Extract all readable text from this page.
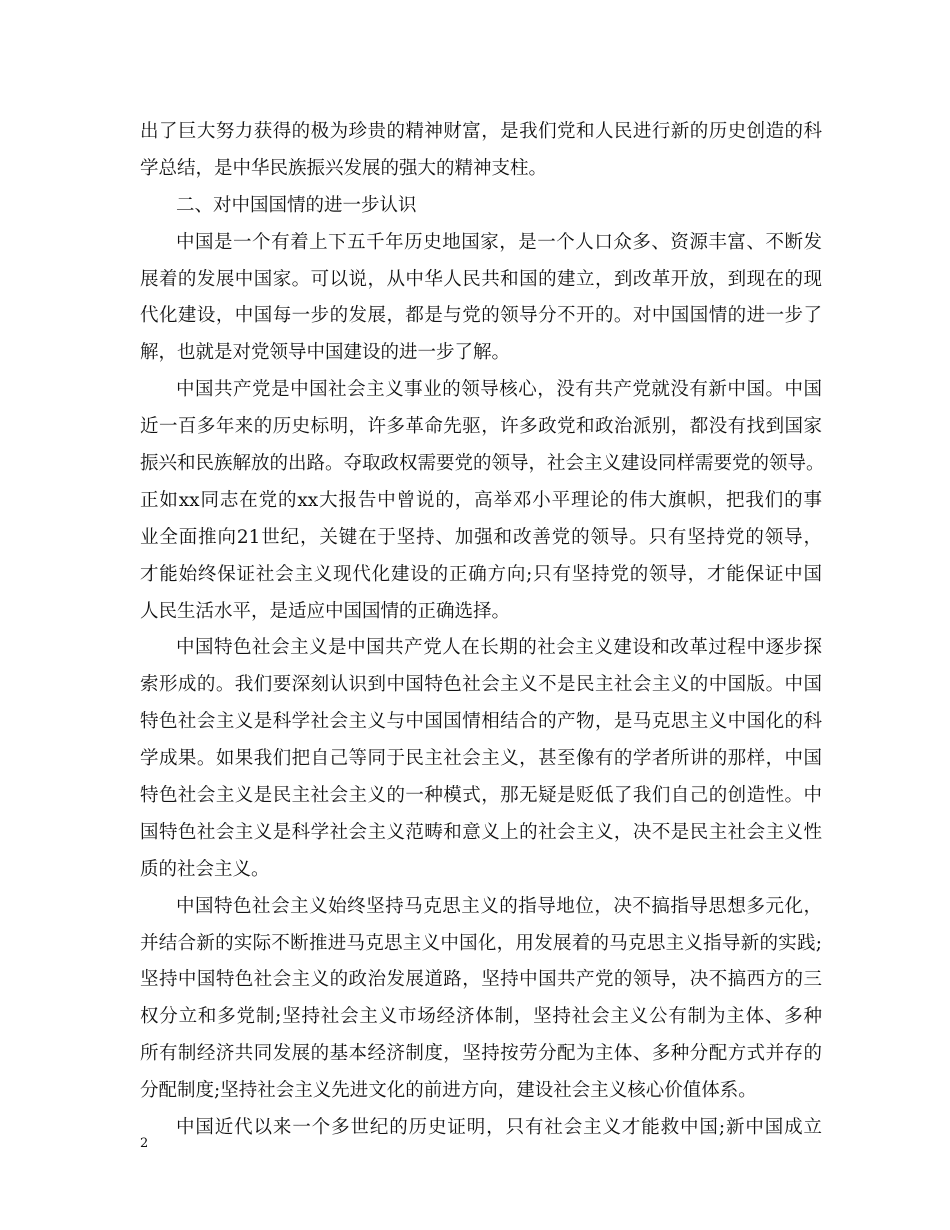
出了巨大努力获得的极为珍贵的精神财富，是我们党和人民进行新的历史创造的科
学总结，是中华民族振兴发展的强大的精神支柱。
二、对中国国情的进一步认识
中国是一个有着上下五千年历史地国家，是一个人口众多、资源丰富、不断发
展着的发展中国家。可以说，从中华人民共和国的建立，到改革开放，到现在的现
代化建设，中国每一步的发展，都是与党的领导分不开的。对中国国情的进一步了
解，也就是对党领导中国建设的进一步了解。
中国共产党是中国社会主义事业的领导核心，没有共产党就没有新中国。中国
近一百多年来的历史标明，许多革命先驱，许多政党和政治派别，都没有找到国家
振兴和民族解放的出路。夺取政权需要党的领导，社会主义建设同样需要党的领导。
正如xx同志在党的xx大报告中曾说的，高举邓小平理论的伟大旗帜，把我们的事
业全面推向21世纪，关键在于坚持、加强和改善党的领导。只有坚持党的领导，
才能始终保证社会主义现代化建设的正确方向;只有坚持党的领导，才能保证中国
人民生活水平，是适应中国国情的正确选择。
中国特色社会主义是中国共产党人在长期的社会主义建设和改革过程中逐步探
索形成的。我们要深刻认识到中国特色社会主义不是民主社会主义的中国版。中国
特色社会主义是科学社会主义与中国国情相结合的产物，是马克思主义中国化的科
学成果。如果我们把自己等同于民主社会主义，甚至像有的学者所讲的那样，中国
特色社会主义是民主社会主义的一种模式，那无疑是贬低了我们自己的创造性。中
国特色社会主义是科学社会主义范畴和意义上的社会主义，决不是民主社会主义性
质的社会主义。
中国特色社会主义始终坚持马克思主义的指导地位，决不搞指导思想多元化，
并结合新的实际不断推进马克思主义中国化，用发展着的马克思主义指导新的实践;
坚持中国特色社会主义的政治发展道路，坚持中国共产党的领导，决不搞西方的三
权分立和多党制;坚持社会主义市场经济体制，坚持社会主义公有制为主体、多种
所有制经济共同发展的基本经济制度，坚持按劳分配为主体、多种分配方式并存的
分配制度;坚持社会主义先进文化的前进方向，建设社会主义核心价值体系。
中国近代以来一个多世纪的历史证明，只有社会主义才能救中国;新中国成立
2
